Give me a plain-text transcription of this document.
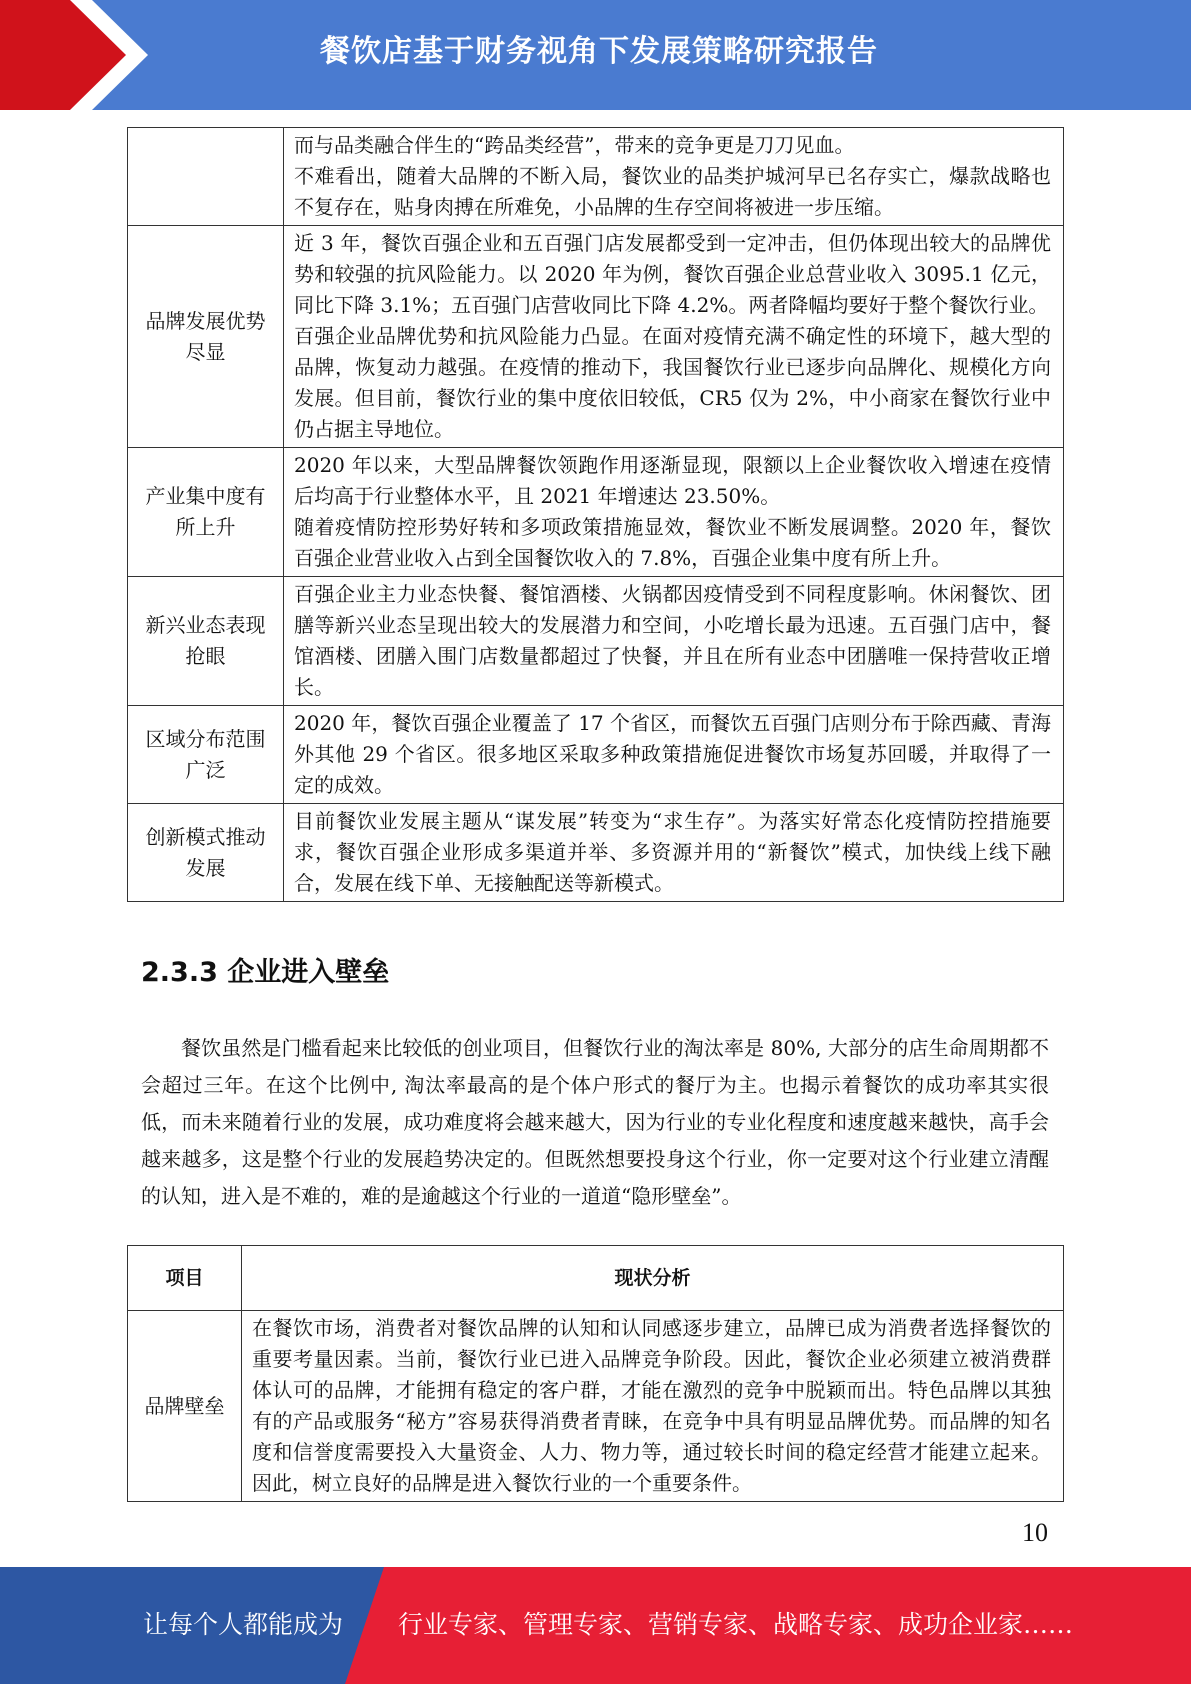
餐饮店基于财务视角下发展策略研究报告

	而与品类融合伴生的“跨品类经营”，带来的竞争更是刀刀见血。

不难看出，随着大品牌的不断入局，餐饮业的品类护城河早已名存实亡，爆款战略也不复存在，贴身肉搏在所难免，小品牌的生存空间将被进一步压缩。

品牌发展优势尽显	近 3 年，餐饮百强企业和五百强门店发展都受到一定冲击，但仍体现出较大的品牌优势和较强的抗风险能力。以 2020 年为例，餐饮百强企业总营业收入 3095.1 亿元，同比下降 3.1%；五百强门店营收同比下降 4.2%。两者降幅均要好于整个餐饮行业。

百强企业品牌优势和抗风险能力凸显。在面对疫情充满不确定性的环境下，越大型的品牌，恢复动力越强。在疫情的推动下，我国餐饮行业已逐步向品牌化、规模化方向发展。但目前，餐饮行业的集中度依旧较低，CR5 仅为 2%，中小商家在餐饮行业中仍占据主导地位。

产业集中度有所上升	2020 年以来，大型品牌餐饮领跑作用逐渐显现，限额以上企业餐饮收入增速在疫情后均高于行业整体水平，且 2021 年增速达 23.50%。

随着疫情防控形势好转和多项政策措施显效，餐饮业不断发展调整。2020 年，餐饮百强企业营业收入占到全国餐饮收入的 7.8%，百强企业集中度有所上升。

新兴业态表现抢眼	百强企业主力业态快餐、餐馆酒楼、火锅都因疫情受到不同程度影响。休闲餐饮、团膳等新兴业态呈现出较大的发展潜力和空间，小吃增长最为迅速。五百强门店中，餐馆酒楼、团膳入围门店数量都超过了快餐，并且在所有业态中团膳唯一保持营收正增长。

区域分布范围广泛	2020 年，餐饮百强企业覆盖了 17 个省区，而餐饮五百强门店则分布于除西藏、青海外其他 29 个省区。很多地区采取多种政策措施促进餐饮市场复苏回暖，并取得了一定的成效。

创新模式推动发展	目前餐饮业发展主题从“谋发展”转变为“求生存”。为落实好常态化疫情防控措施要求，餐饮百强企业形成多渠道并举、多资源并用的“新餐饮”模式，加快线上线下融合，发展在线下单、无接触配送等新模式。

2.3.3 企业进入壁垒

餐饮虽然是门槛看起来比较低的创业项目，但餐饮行业的淘汰率是 80%, 大部分的店生命周期都不会超过三年。在这个比例中, 淘汰率最高的是个体户形式的餐厅为主。也揭示着餐饮的成功率其实很低，而未来随着行业的发展，成功难度将会越来越大，因为行业的专业化程度和速度越来越快，高手会越来越多，这是整个行业的发展趋势决定的。但既然想要投身这个行业，你一定要对这个行业建立清醒的认知，进入是不难的，难的是逾越这个行业的一道道“隐形壁垒”。

项目	现状分析
品牌壁垒	在餐饮市场，消费者对餐饮品牌的认知和认同感逐步建立，品牌已成为消费者选择餐饮的重要考量因素。当前，餐饮行业已进入品牌竞争阶段。因此，餐饮企业必须建立被消费群体认可的品牌，才能拥有稳定的客户群，才能在激烈的竞争中脱颖而出。特色品牌以其独有的产品或服务“秘方”容易获得消费者青睐，在竞争中具有明显品牌优势。而品牌的知名度和信誉度需要投入大量资金、人力、物力等，通过较长时间的稳定经营才能建立起来。因此，树立良好的品牌是进入餐饮行业的一个重要条件。
10
让每个人都能成为 行业专家、管理专家、营销专家、战略专家、成功企业家……
